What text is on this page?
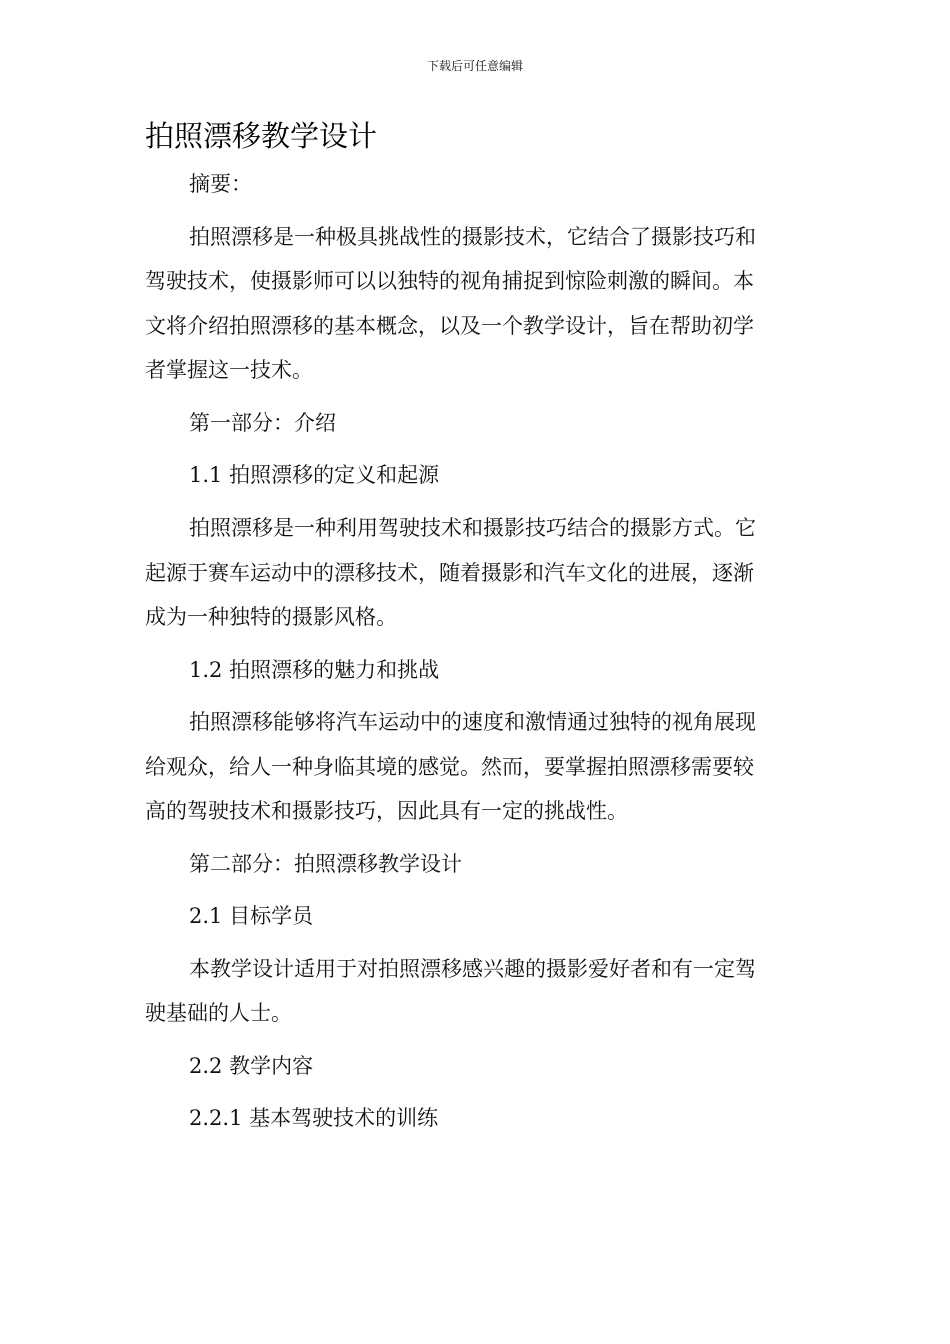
下载后可任意编辑
拍照漂移教学设计
摘要：
拍照漂移是一种极具挑战性的摄影技术，它结合了摄影技巧和
驾驶技术，使摄影师可以以独特的视角捕捉到惊险刺激的瞬间。本
文将介绍拍照漂移的基本概念，以及一个教学设计，旨在帮助初学
者掌握这一技术。
第一部分：介绍
1.1 拍照漂移的定义和起源
拍照漂移是一种利用驾驶技术和摄影技巧结合的摄影方式。它
起源于赛车运动中的漂移技术，随着摄影和汽车文化的进展，逐渐
成为一种独特的摄影风格。
1.2 拍照漂移的魅力和挑战
拍照漂移能够将汽车运动中的速度和激情通过独特的视角展现
给观众，给人一种身临其境的感觉。然而，要掌握拍照漂移需要较
高的驾驶技术和摄影技巧，因此具有一定的挑战性。
第二部分：拍照漂移教学设计
2.1 目标学员
本教学设计适用于对拍照漂移感兴趣的摄影爱好者和有一定驾
驶基础的人士。
2.2 教学内容
2.2.1 基本驾驶技术的训练
